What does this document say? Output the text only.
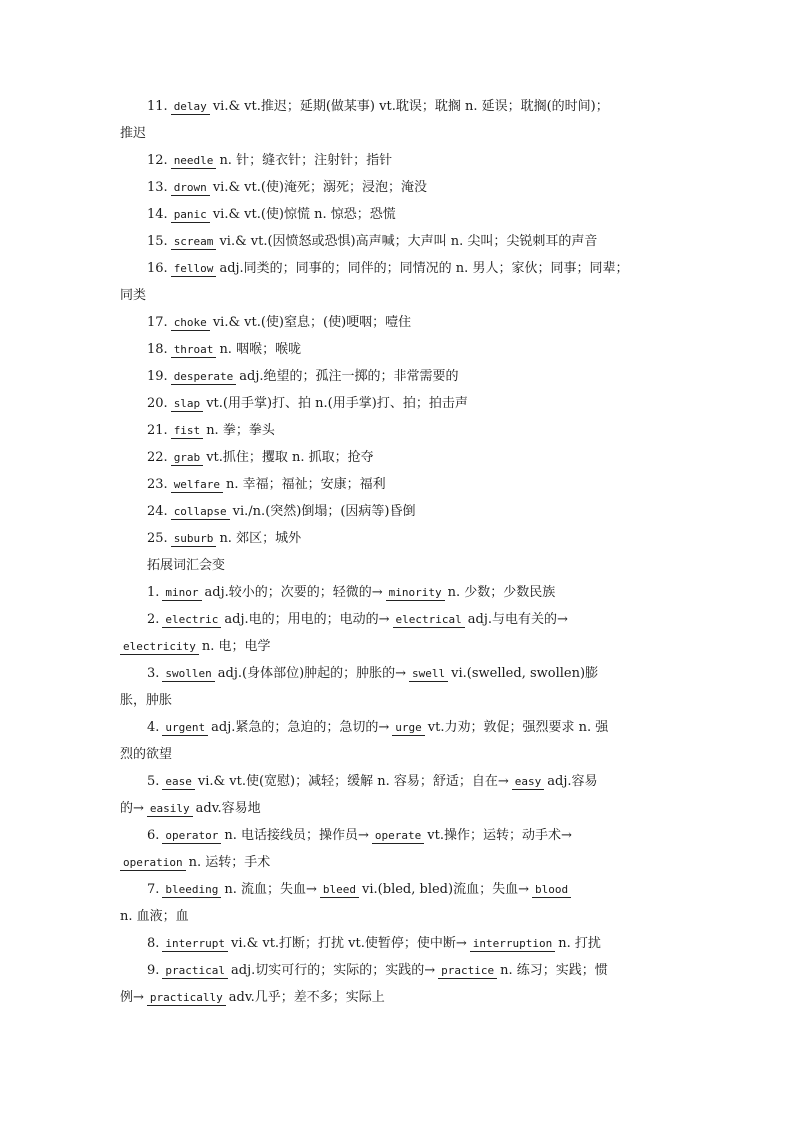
11. delay vi.& vt.推迟；延期(做某事) vt.耽误；耽搁 n. 延误；耽搁(的时间)；
推迟
12. needle n. 针；缝衣针；注射针；指针
13. drown vi.& vt.(使)淹死；溺死；浸泡；淹没
14. panic vi.& vt.(使)惊慌 n. 惊恐；恐慌
15. scream vi.& vt.(因愤怒或恐惧)高声喊；大声叫 n. 尖叫；尖锐刺耳的声音
16. fellow adj.同类的；同事的；同伴的；同情况的 n. 男人；家伙；同事；同辈；
同类
17. choke vi.& vt.(使)窒息；(使)哽咽；噎住
18. throat n. 咽喉；喉咙
19. desperate adj.绝望的；孤注一掷的；非常需要的
20. slap vt.(用手掌)打、拍 n.(用手掌)打、拍；拍击声
21. fist n. 拳；拳头
22. grab vt.抓住；攫取 n. 抓取；抢夺
23. welfare n. 幸福；福祉；安康；福利
24. collapse vi./n.(突然)倒塌；(因病等)昏倒
25. suburb n. 郊区；城外
拓展词汇会变
1. minor adj.较小的；次要的；轻微的→ minority n. 少数；少数民族
2. electric adj.电的；用电的；电动的→ electrical adj.与电有关的→
electricity n. 电；电学
3. swollen adj.(身体部位)肿起的；肿胀的→ swell vi.(swelled, swollen)膨
胀，肿胀
4. urgent adj.紧急的；急迫的；急切的→ urge vt.力劝；敦促；强烈要求 n. 强
烈的欲望
5. ease vi.& vt.使(宽慰)；减轻；缓解 n. 容易；舒适；自在→ easy adj.容易
的→ easily adv.容易地
6. operator n. 电话接线员；操作员→ operate vt.操作；运转；动手术→
operation n. 运转；手术
7. bleeding n. 流血；失血→ bleed vi.(bled, bled)流血；失血→ blood
n. 血液；血
8. interrupt vi.& vt.打断；打扰 vt.使暂停；使中断→ interruption n. 打扰
9. practical adj.切实可行的；实际的；实践的→ practice n. 练习；实践；惯
例→ practically adv.几乎；差不多；实际上
